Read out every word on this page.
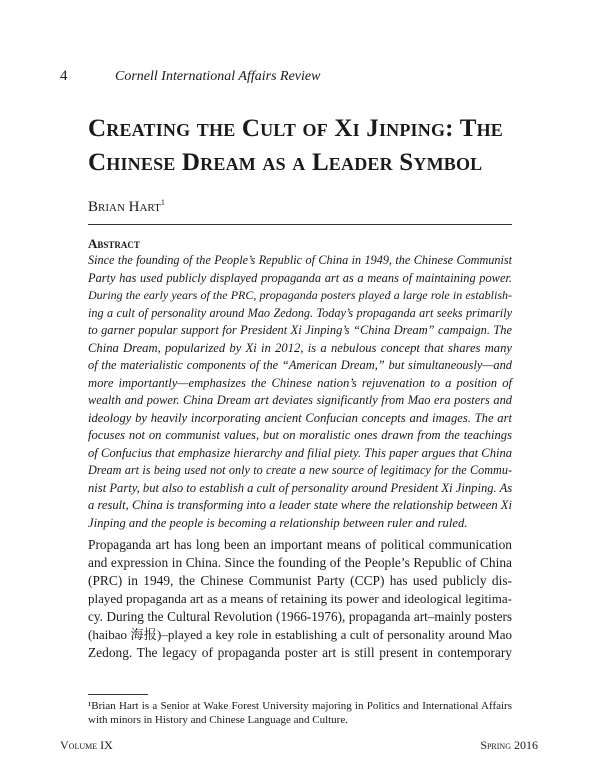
4	Cornell International Affairs Review
Creating the Cult of Xi Jinping: The
Chinese Dream as a Leader Symbol
Brian Hart$^1$
Abstract
Since the founding of the People’s Republic of China in 1949, the Chinese Communist
Party has used publicly displayed propaganda art as a means of maintaining power.
During the early years of the PRC, propaganda posters played a large role in establish-
ing a cult of personality around Mao Zedong. Today’s propaganda art seeks primarily
to garner popular support for President Xi Jinping’s “China Dream” campaign. The
China Dream, popularized by Xi in 2012, is a nebulous concept that shares many
of the materialistic components of the “American Dream,” but simultaneously—and
more importantly—emphasizes the Chinese nation’s rejuvenation to a position of
wealth and power. China Dream art deviates significantly from Mao era posters and
ideology by heavily incorporating ancient Confucian concepts and images. The art
focuses not on communist values, but on moralistic ones drawn from the teachings
of Confucius that emphasize hierarchy and filial piety. This paper argues that China
Dream art is being used not only to create a new source of legitimacy for the Commu-
nist Party, but also to establish a cult of personality around President Xi Jinping. As
a result, China is transforming into a leader state where the relationship between Xi
Jinping and the people is becoming a relationship between ruler and ruled.
Propaganda art has long been an important means of political communication
and expression in China. Since the founding of the People’s Republic of China
(PRC) in 1949, the Chinese Communist Party (CCP) has used publicly dis-
played propaganda art as a means of retaining its power and ideological legitima-
cy. During the Cultural Revolution (1966-1976), propaganda art–mainly posters
(haibao 海报)–played a key role in establishing a cult of personality around Mao
Zedong. The legacy of propaganda poster art is still present in contemporary
¹Brian Hart is a Senior at Wake Forest University majoring in Politics and International Affairs
with minors in History and Chinese Language and Culture.
Volume IX	Spring 2016
